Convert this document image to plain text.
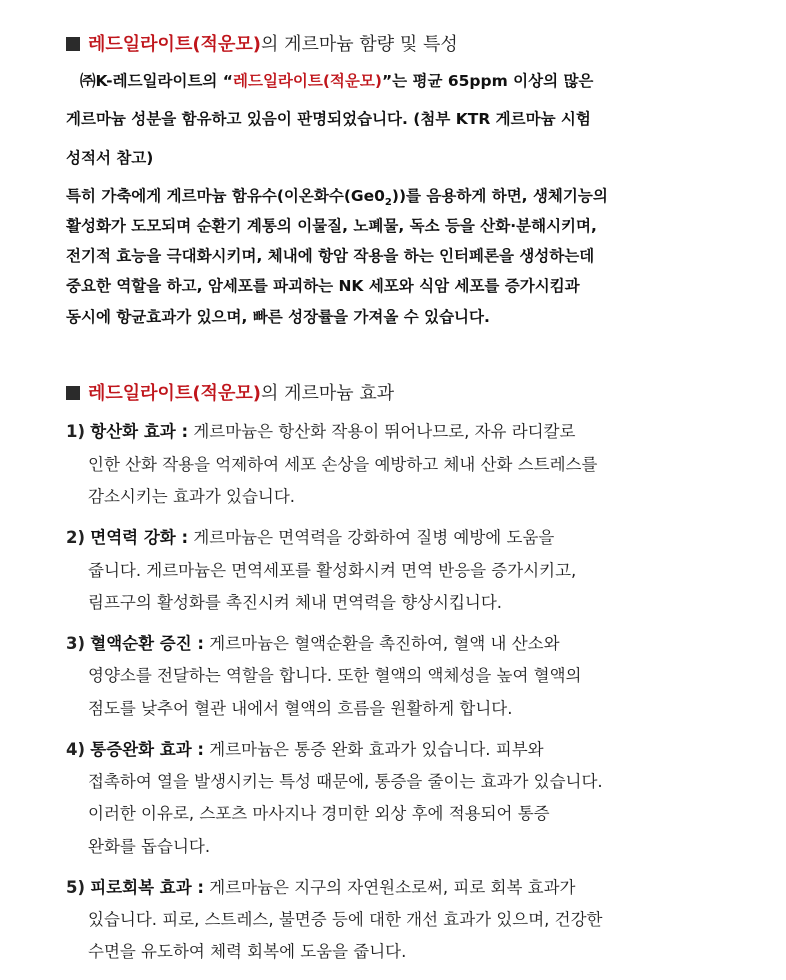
레드일라이트(적운모)의 게르마늄 함량 및 특성
㈜K-레드일라이트의 “레드일라이트(적운모)”는 평균 65ppm 이상의 많은
게르마늄 성분을 함유하고 있음이 판명되었습니다. (첨부 KTR 게르마늄 시험
성적서 참고)
특히 가축에게 게르마늄 함유수(이온화수$(Ge0_2)$)를 음용하게 하면, 생체기능의
활성화가 도모되며 순환기 계통의 이물질, 노폐물, 독소 등을 산화·분해시키며,
전기적 효능을 극대화시키며, 체내에 항암 작용을 하는 인터페론을 생성하는데
중요한 역할을 하고, 암세포를 파괴하는 NK 세포와 식암 세포를 증가시킴과
동시에 항균효과가 있으며, 빠른 성장률을 가져올 수 있습니다.
레드일라이트(적운모)의 게르마늄 효과
1) 항산화 효과 : 게르마늄은 항산화 작용이 뛰어나므로, 자유 라디칼로
인한 산화 작용을 억제하여 세포 손상을 예방하고 체내 산화 스트레스를
감소시키는 효과가 있습니다.
2) 면역력 강화 : 게르마늄은 면역력을 강화하여 질병 예방에 도움을
줍니다. 게르마늄은 면역세포를 활성화시켜 면역 반응을 증가시키고,
림프구의 활성화를 촉진시켜 체내 면역력을 향상시킵니다.
3) 혈액순환 증진 : 게르마늄은 혈액순환을 촉진하여, 혈액 내 산소와
영양소를 전달하는 역할을 합니다. 또한 혈액의 액체성을 높여 혈액의
점도를 낮추어 혈관 내에서 혈액의 흐름을 원활하게 합니다.
4) 통증완화 효과 : 게르마늄은 통증 완화 효과가 있습니다. 피부와
접촉하여 열을 발생시키는 특성 때문에, 통증을 줄이는 효과가 있습니다.
이러한 이유로, 스포츠 마사지나 경미한 외상 후에 적용되어 통증
완화를 돕습니다.
5) 피로회복 효과 : 게르마늄은 지구의 자연원소로써, 피로 회복 효과가
있습니다. 피로, 스트레스, 불면증 등에 대한 개선 효과가 있으며, 건강한
수면을 유도하여 체력 회복에 도움을 줍니다.
